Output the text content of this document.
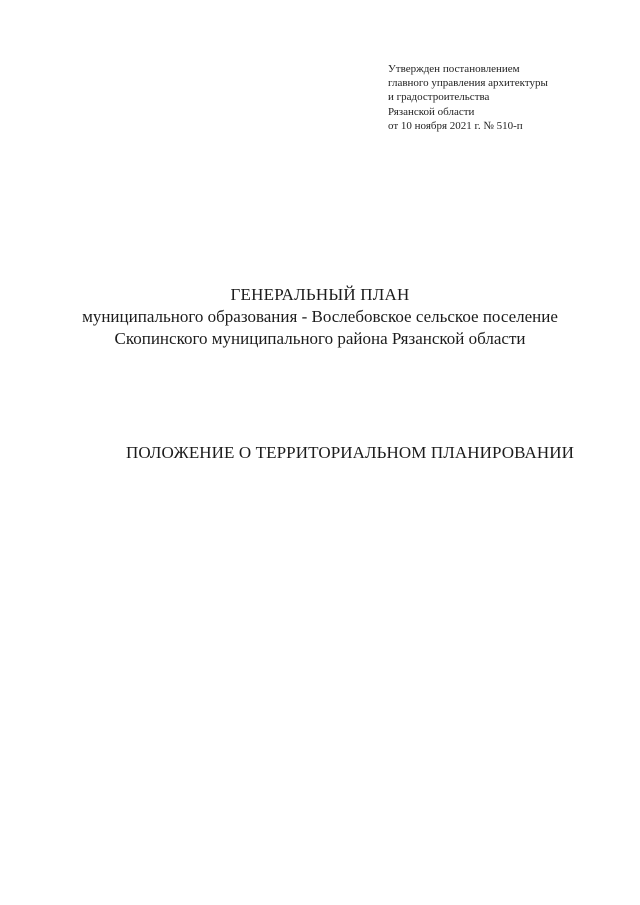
Утвержден постановлением
главного управления архитектуры
и градостроительства
Рязанской области
от 10 ноября 2021 г. № 510-п
ГЕНЕРАЛЬНЫЙ ПЛАН
муниципального образования - Вослебовское сельское поселение
Скопинского муниципального района Рязанской области
ПОЛОЖЕНИЕ О ТЕРРИТОРИАЛЬНОМ ПЛАНИРОВАНИИ
